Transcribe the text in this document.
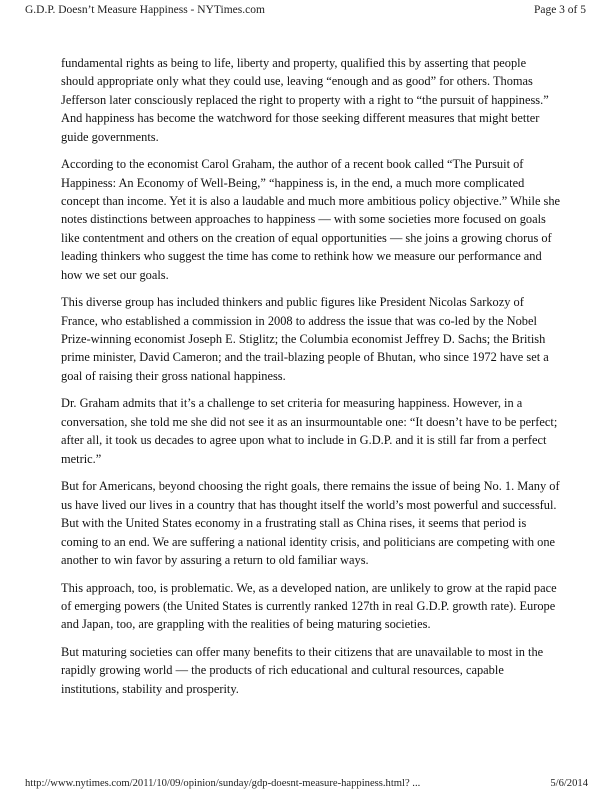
G.D.P. Doesn’t Measure Happiness - NYTimes.com	Page 3 of 5

fundamental rights as being to life, liberty and property, qualified this by asserting that people should appropriate only what they could use, leaving “enough and as good” for others. Thomas Jefferson later consciously replaced the right to property with a right to “the pursuit of happiness.” And happiness has become the watchword for those seeking different measures that might better guide governments.

According to the economist Carol Graham, the author of a recent book called “The Pursuit of Happiness: An Economy of Well-Being,” “happiness is, in the end, a much more complicated concept than income. Yet it is also a laudable and much more ambitious policy objective.” While she notes distinctions between approaches to happiness — with some societies more focused on goals like contentment and others on the creation of equal opportunities — she joins a growing chorus of leading thinkers who suggest the time has come to rethink how we measure our performance and how we set our goals.

This diverse group has included thinkers and public figures like President Nicolas Sarkozy of France, who established a commission in 2008 to address the issue that was co-led by the Nobel Prize-winning economist Joseph E. Stiglitz; the Columbia economist Jeffrey D. Sachs; the British prime minister, David Cameron; and the trail-blazing people of Bhutan, who since 1972 have set a goal of raising their gross national happiness.

Dr. Graham admits that it’s a challenge to set criteria for measuring happiness. However, in a conversation, she told me she did not see it as an insurmountable one: “It doesn’t have to be perfect; after all, it took us decades to agree upon what to include in G.D.P. and it is still far from a perfect metric.”

But for Americans, beyond choosing the right goals, there remains the issue of being No. 1. Many of us have lived our lives in a country that has thought itself the world’s most powerful and successful. But with the United States economy in a frustrating stall as China rises, it seems that period is coming to an end. We are suffering a national identity crisis, and politicians are competing with one another to win favor by assuring a return to old familiar ways.

This approach, too, is problematic. We, as a developed nation, are unlikely to grow at the rapid pace of emerging powers (the United States is currently ranked 127th in real G.D.P. growth rate). Europe and Japan, too, are grappling with the realities of being maturing societies.

But maturing societies can offer many benefits to their citizens that are unavailable to most in the rapidly growing world — the products of rich educational and cultural resources, capable institutions, stability and prosperity.

http://www.nytimes.com/2011/10/09/opinion/sunday/gdp-doesnt-measure-happiness.html? ...	5/6/2014
